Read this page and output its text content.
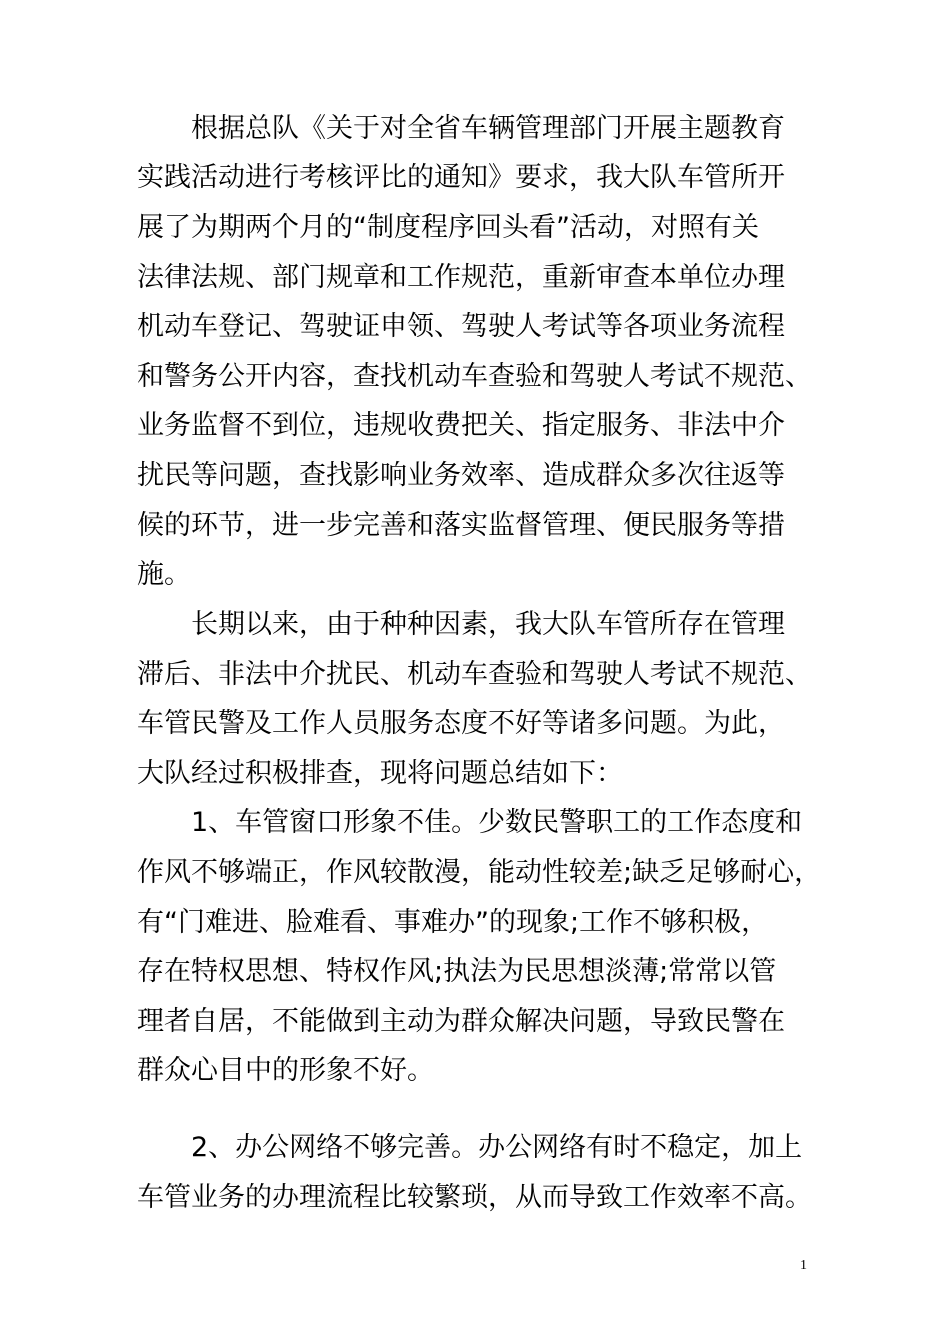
根据总队《关于对全省车辆管理部门开展主题教育
实践活动进行考核评比的通知》要求，我大队车管所开
展了为期两个月的“制度程序回头看”活动，对照有关
法律法规、部门规章和工作规范，重新审查本单位办理
机动车登记、驾驶证申领、驾驶人考试等各项业务流程
和警务公开内容，查找机动车查验和驾驶人考试不规范、
业务监督不到位，违规收费把关、指定服务、非法中介
扰民等问题，查找影响业务效率、造成群众多次往返等
候的环节，进一步完善和落实监督管理、便民服务等措
施。
长期以来，由于种种因素，我大队车管所存在管理
滞后、非法中介扰民、机动车查验和驾驶人考试不规范、
车管民警及工作人员服务态度不好等诸多问题。为此，
大队经过积极排查，现将问题总结如下：
1、车管窗口形象不佳。少数民警职工的工作态度和
作风不够端正，作风较散漫，能动性较差;缺乏足够耐心，
有“门难进、脸难看、事难办”的现象;工作不够积极，
存在特权思想、特权作风;执法为民思想淡薄;常常以管
理者自居，不能做到主动为群众解决问题，导致民警在
群众心目中的形象不好。
2、办公网络不够完善。办公网络有时不稳定，加上
车管业务的办理流程比较繁琐，从而导致工作效率不高。
1
